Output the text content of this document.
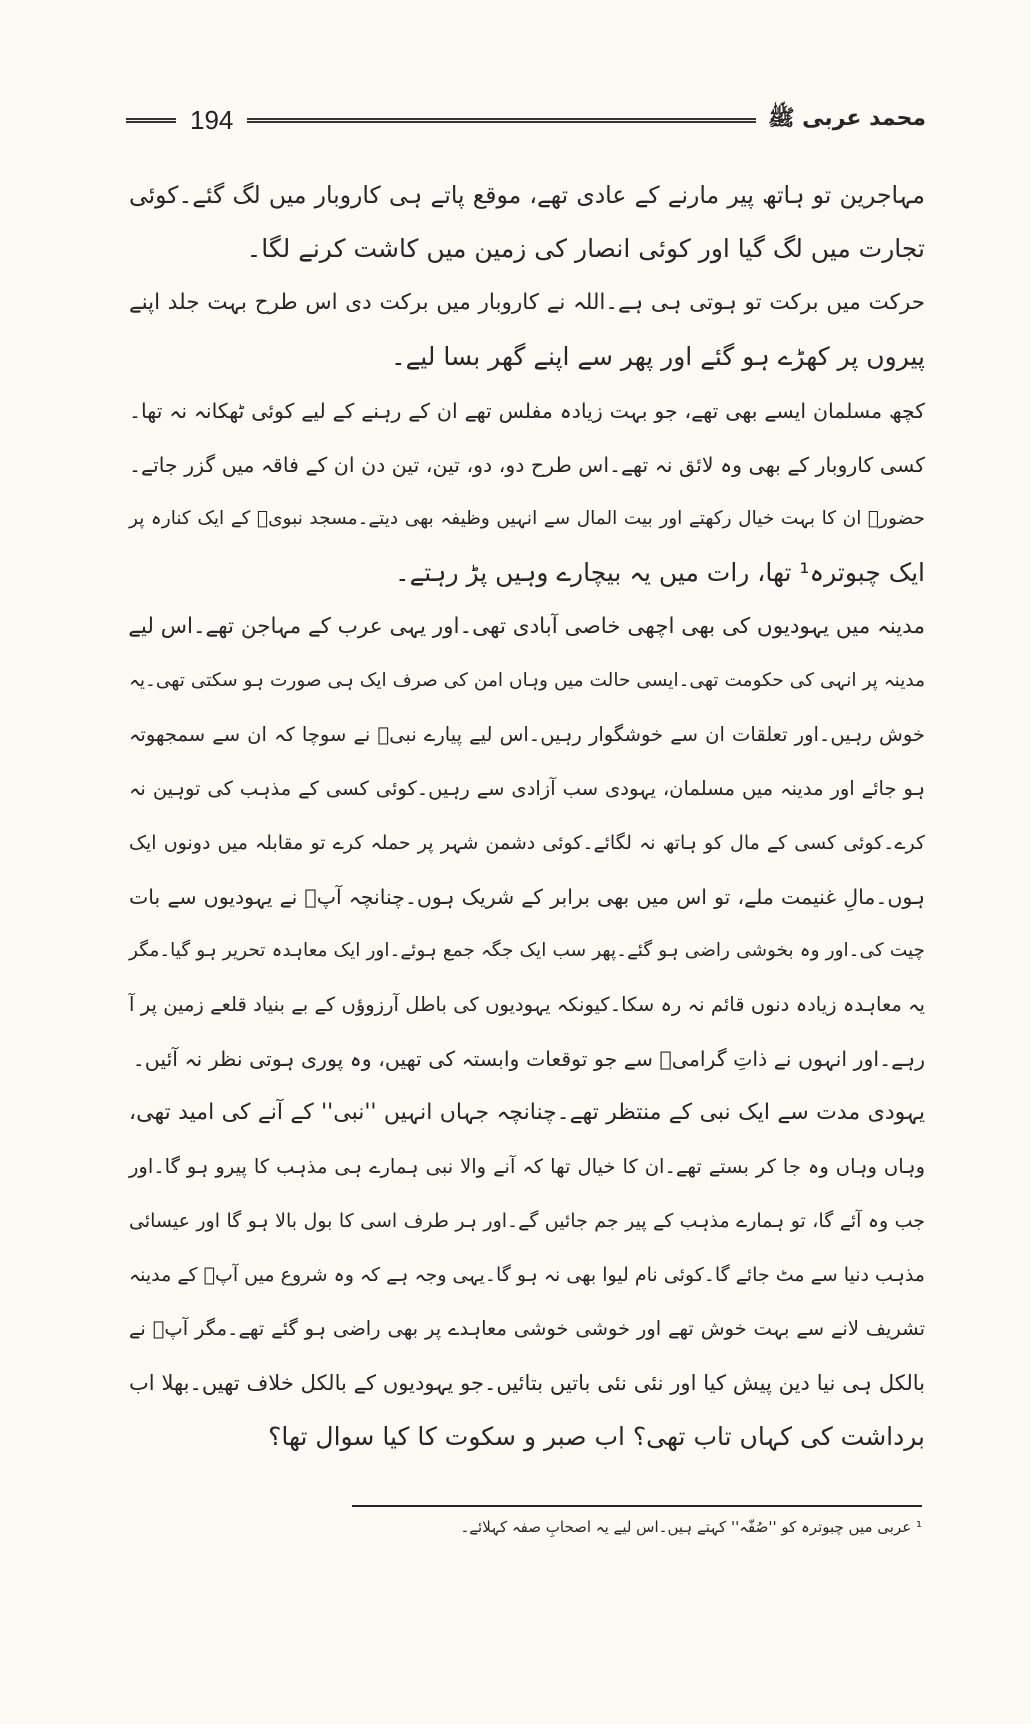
194	محمد عربی ﷺ
مہاجرین تو ہاتھ پیر مارنے کے عادی تھے، موقع پاتے ہی کاروبار میں لگ گئے۔کوئی
تجارت میں لگ گیا اور کوئی انصار کی زمین میں کاشت کرنے لگا۔
حرکت میں برکت تو ہوتی ہی ہے۔اللہ نے کاروبار میں برکت دی اس طرح بہت جلد اپنے
پیروں پر کھڑے ہو گئے اور پھر سے اپنے گھر بسا لیے۔
کچھ مسلمان ایسے بھی تھے، جو بہت زیادہ مفلس تھے ان کے رہنے کے لیے کوئی ٹھکانہ نہ تھا۔
کسی کاروبار کے بھی وہ لائق نہ تھے۔اس طرح دو، دو، تین، تین دن ان کے فاقہ میں گزر جاتے۔
حضورؐ ان کا بہت خیال رکھتے اور بیت المال سے انہیں وظیفہ بھی دیتے۔مسجد نبویؐ کے ایک کنارہ پر
ایک چبوترہ¹ تھا، رات میں یہ بیچارے وہیں پڑ رہتے۔
مدینہ میں یہودیوں کی بھی اچھی خاصی آبادی تھی۔اور یہی عرب کے مہاجن تھے۔اس لیے
مدینہ پر انہی کی حکومت تھی۔ایسی حالت میں وہاں امن کی صرف ایک ہی صورت ہو سکتی تھی۔یہ
خوش رہیں۔اور تعلقات ان سے خوشگوار رہیں۔اس لیے پیارے نبیؐ نے سوچا کہ ان سے سمجھوتہ
ہو جائے اور مدینہ میں مسلمان، یہودی سب آزادی سے رہیں۔کوئی کسی کے مذہب کی توہین نہ
کرے۔کوئی کسی کے مال کو ہاتھ نہ لگائے۔کوئی دشمن شہر پر حملہ کرے تو مقابلہ میں دونوں ایک
ہوں۔مالِ غنیمت ملے، تو اس میں بھی برابر کے شریک ہوں۔چنانچہ آپؐ نے یہودیوں سے بات
چیت کی۔اور وہ بخوشی راضی ہو گئے۔پھر سب ایک جگہ جمع ہوئے۔اور ایک معاہدہ تحریر ہو گیا۔مگر
یہ معاہدہ زیادہ دنوں قائم نہ رہ سکا۔کیونکہ یہودیوں کی باطل آرزوؤں کے بے بنیاد قلعے زمین پر آ
رہے۔اور انہوں نے ذاتِ گرامیؐ سے جو توقعات وابستہ کی تھیں، وہ پوری ہوتی نظر نہ آئیں۔
یہودی مدت سے ایک نبی کے منتظر تھے۔چنانچہ جہاں انہیں ''نبی'' کے آنے کی امید تھی،
وہاں وہاں وہ جا کر بستے تھے۔ان کا خیال تھا کہ آنے والا نبی ہمارے ہی مذہب کا پیرو ہو گا۔اور
جب وہ آئے گا، تو ہمارے مذہب کے پیر جم جائیں گے۔اور ہر طرف اسی کا بول بالا ہو گا اور عیسائی
مذہب دنیا سے مٹ جائے گا۔کوئی نام لیوا بھی نہ ہو گا۔یہی وجہ ہے کہ وہ شروع میں آپؐ کے مدینہ
تشریف لانے سے بہت خوش تھے اور خوشی خوشی معاہدے پر بھی راضی ہو گئے تھے۔مگر آپؐ نے
بالکل ہی نیا دین پیش کیا اور نئی نئی باتیں بتائیں۔جو یہودیوں کے بالکل خلاف تھیں۔بھلا اب
برداشت کی کہاں تاب تھی؟ اب صبر و سکوت کا کیا سوال تھا؟
¹ عربی میں چبوترہ کو ''صُفّہ'' کہتے ہیں۔اس لیے یہ اصحابِ صفہ کہلائے۔
